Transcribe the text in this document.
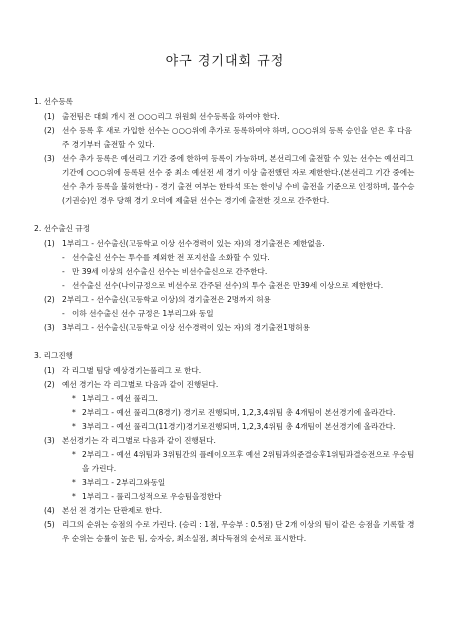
야구 경기대회 규정
1. 선수등록
(1) 출전팀은 대회 개시 전 ○○○리그 위원회 선수등록을 하여야 한다.
(2) 선수 등록 후 새로 가입한 선수는 ○○○위에 추가로 등록하여야 하며, ○○○위의 등록 승인을 얻은 후 다음 주 경기부터 출전할 수 있다.
(3) 선수 추가 등록은 예선리그 기간 중에 한하여 등록이 가능하며, 본선리그에 출전할 수 있는 선수는 예선리그 기간에 ○○○위에 등록된 선수 중 최소 예선전 세 경기 이상 출전했던 자로 제한한다.(본선리그 기간 중에는 선수 추가 등록을 불허한다) - 경기 출전 여부는 한타석 또는 한이닝 수비 출전을 기준으로 인정하며, 몰수승(기권승)인 경우 당해 경기 오더에 제출된 선수는 경기에 출전한 것으로 간주한다.
2. 선수출신 규정
(1) 1부리그 - 선수출신(고등학교 이상 선수경력이 있는 자)의 경기출전은 제한없음.
- 선수출신 선수는 투수를 제외한 전 포지션을 소화할 수 있다.
- 만 39세 이상의 선수출신 선수는 비선수출신으로 간주한다.
- 선수출신 선수(나이규정으로 비선수로 간주된 선수)의 투수 출전은 만39세 이상으로 제한한다.
(2) 2부리그 - 선수출신(고등학교 이상)의 경기출전은 2명까지 허용
- 이하 선수출신 선수 규정은 1부리그와 동일
(3) 3부리그 - 선수출신(고등학교 이상 선수경력이 있는 자)의 경기출전1명허용
3. 리그진행
(1) 각 리그별 팀당 예상경기는풀리그 로 한다.
(2) 예선 경기는 각 리그별로 다음과 같이 진행된다.
* 1부리그 - 예선 풀리그.
* 2부리그 - 예선 풀리그(8경기) 경기로 진행되며, 1,2,3,4위팀 총 4개팀이 본선경기에 올라간다.
* 3부리그 - 예선 풀리그(11경기)경기로진행되며, 1,2,3,4위팀 총 4개팀이 본선경기에 올라간다.
(3) 본선경기는 각 리그별로 다음과 같이 진행된다.
* 2부리그 - 예선 4위팀과 3위팀간의 플레이오프후 예선 2위팀과의준결승후1위팀과결승전으로 우승팀을 가린다.
* 3부리그 - 2부리그와동일
* 1부리그 - 풀리그성적으로 우승팀을정한다
(4) 본선 전 경기는 단판제로 한다.
(5) 리그의 순위는 승점의 수로 가린다. (승리 : 1점, 무승부 : 0.5점) 단 2개 이상의 팀이 같은 승점을 기록할 경우 순위는 승률이 높은 팀, 승자승, 최소실점, 최다득점의 순서로 표시한다.
